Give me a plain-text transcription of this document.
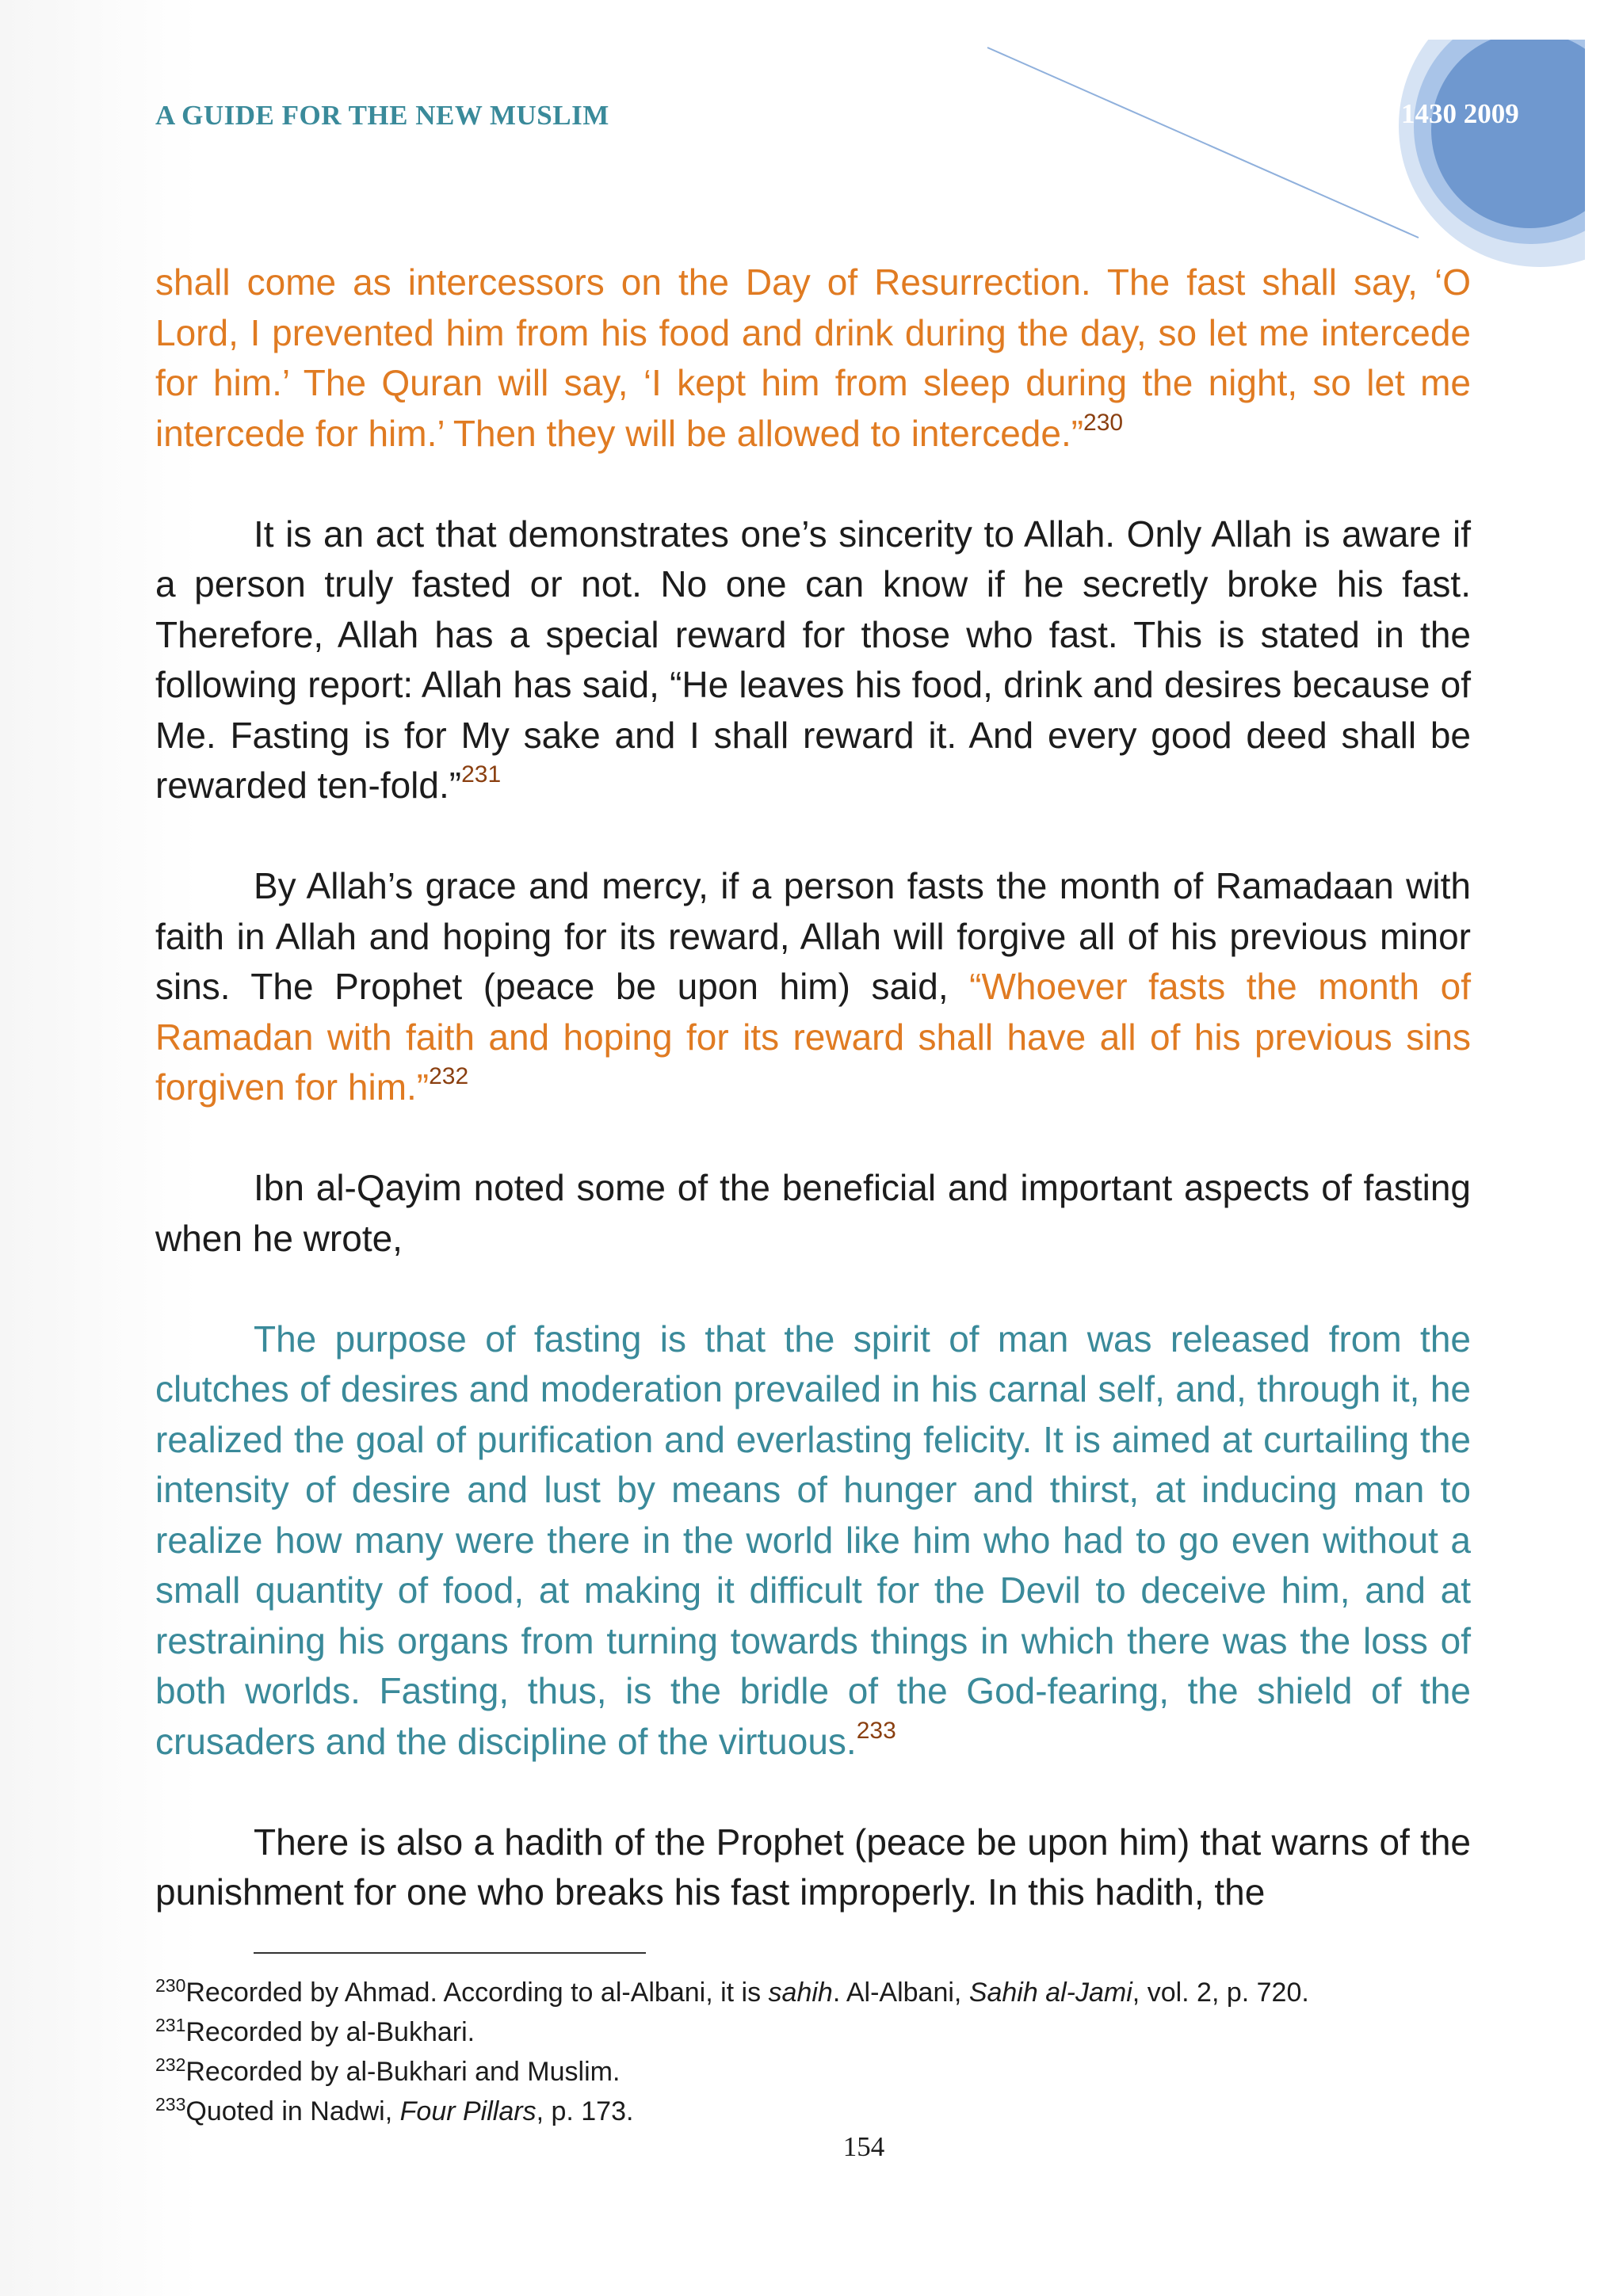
A GUIDE FOR THE NEW MUSLIM	1430 2009

shall come as intercessors on the Day of Resurrection. The fast shall say, ‘O Lord, I prevented him from his food and drink during the day, so let me intercede for him.’ The Quran will say, ‘I kept him from sleep during the night, so let me intercede for him.’ Then they will be allowed to intercede.”$^{230}$

It is an act that demonstrates one’s sincerity to Allah. Only Allah is aware if a person truly fasted or not. No one can know if he secretly broke his fast. Therefore, Allah has a special reward for those who fast. This is stated in the following report: Allah has said, “He leaves his food, drink and desires because of Me. Fasting is for My sake and I shall reward it. And every good deed shall be rewarded ten-fold.”$^{231}$

By Allah’s grace and mercy, if a person fasts the month of Ramadaan with faith in Allah and hoping for its reward, Allah will forgive all of his previous minor sins. The Prophet (peace be upon him) said, “Whoever fasts the month of Ramadan with faith and hoping for its reward shall have all of his previous sins forgiven for him.”$^{232}$

Ibn al-Qayim noted some of the beneficial and important aspects of fasting when he wrote,

The purpose of fasting is that the spirit of man was released from the clutches of desires and moderation prevailed in his carnal self, and, through it, he realized the goal of purification and everlasting felicity. It is aimed at curtailing the intensity of desire and lust by means of hunger and thirst, at inducing man to realize how many were there in the world like him who had to go even without a small quantity of food, at making it difficult for the Devil to deceive him, and at restraining his organs from turning towards things in which there was the loss of both worlds. Fasting, thus, is the bridle of the God-fearing, the shield of the crusaders and the discipline of the virtuous.$^{233}$

There is also a hadith of the Prophet (peace be upon him) that warns of the punishment for one who breaks his fast improperly. In this hadith, the

$^{230}$Recorded by Ahmad. According to al-Albani, it is sahih. Al-Albani, Sahih al-Jami, vol. 2, p. 720.
$^{231}$Recorded by al-Bukhari.
$^{232}$Recorded by al-Bukhari and Muslim.
$^{233}$Quoted in Nadwi, Four Pillars, p. 173.
154
